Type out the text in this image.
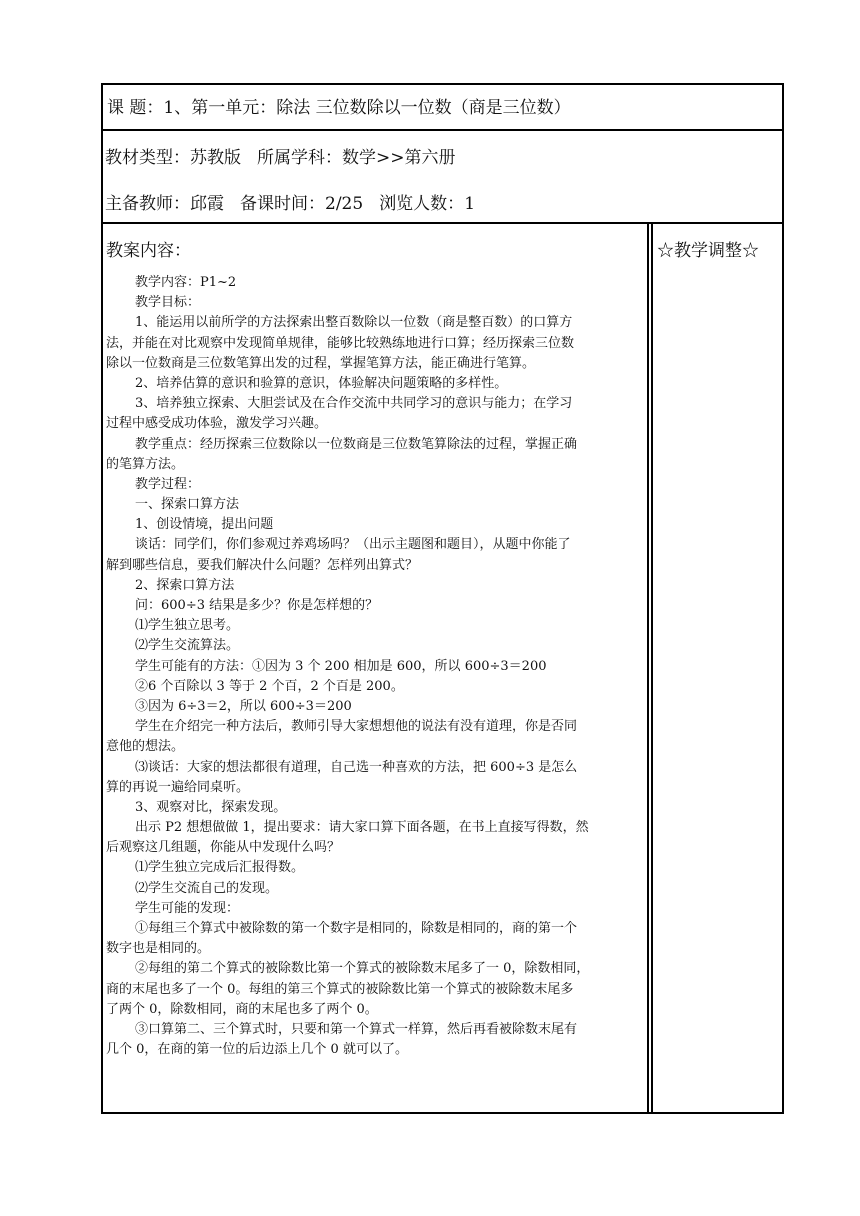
课 题：1、第一单元：除法 三位数除以一位数（商是三位数）
教材类型：苏教版 所属学科：数学>>第六册
主备教师：邱霞 备课时间：2/25 浏览人数：1
教案内容：
教学内容：P1~2
教学目标：
1、能运用以前所学的方法探索出整百数除以一位数（商是整百数）的口算方
法，并能在对比观察中发现简单规律，能够比较熟练地进行口算；经历探索三位数
除以一位数商是三位数笔算出发的过程，掌握笔算方法，能正确进行笔算。
2、培养估算的意识和验算的意识，体验解决问题策略的多样性。
3、培养独立探索、大胆尝试及在合作交流中共同学习的意识与能力；在学习
过程中感受成功体验，激发学习兴趣。
教学重点：经历探索三位数除以一位数商是三位数笔算除法的过程，掌握正确
的笔算方法。
教学过程：
一、探索口算方法
1、创设情境，提出问题
谈话：同学们，你们参观过养鸡场吗？（出示主题图和题目），从题中你能了
解到哪些信息，要我们解决什么问题？怎样列出算式？
2、探索口算方法
问：600÷3 结果是多少？你是怎样想的？
⑴学生独立思考。
⑵学生交流算法。
学生可能有的方法：①因为 3 个 200 相加是 600，所以 600÷3＝200
②6 个百除以 3 等于 2 个百，2 个百是 200。
③因为 6÷3＝2，所以 600÷3＝200
学生在介绍完一种方法后，教师引导大家想想他的说法有没有道理，你是否同
意他的想法。
⑶谈话：大家的想法都很有道理，自己选一种喜欢的方法，把 600÷3 是怎么
算的再说一遍给同桌听。
3、观察对比，探索发现。
出示 P2 想想做做 1，提出要求：请大家口算下面各题，在书上直接写得数，然
后观察这几组题，你能从中发现什么吗？
⑴学生独立完成后汇报得数。
⑵学生交流自己的发现。
学生可能的发现：
①每组三个算式中被除数的第一个数字是相同的，除数是相同的，商的第一个
数字也是相同的。
②每组的第二个算式的被除数比第一个算式的被除数末尾多了一 0，除数相同，
商的末尾也多了一个 0。每组的第三个算式的被除数比第一个算式的被除数末尾多
了两个 0，除数相同，商的末尾也多了两个 0。
③口算第二、三个算式时，只要和第一个算式一样算，然后再看被除数末尾有
几个 0，在商的第一位的后边添上几个 0 就可以了。
☆教学调整☆
